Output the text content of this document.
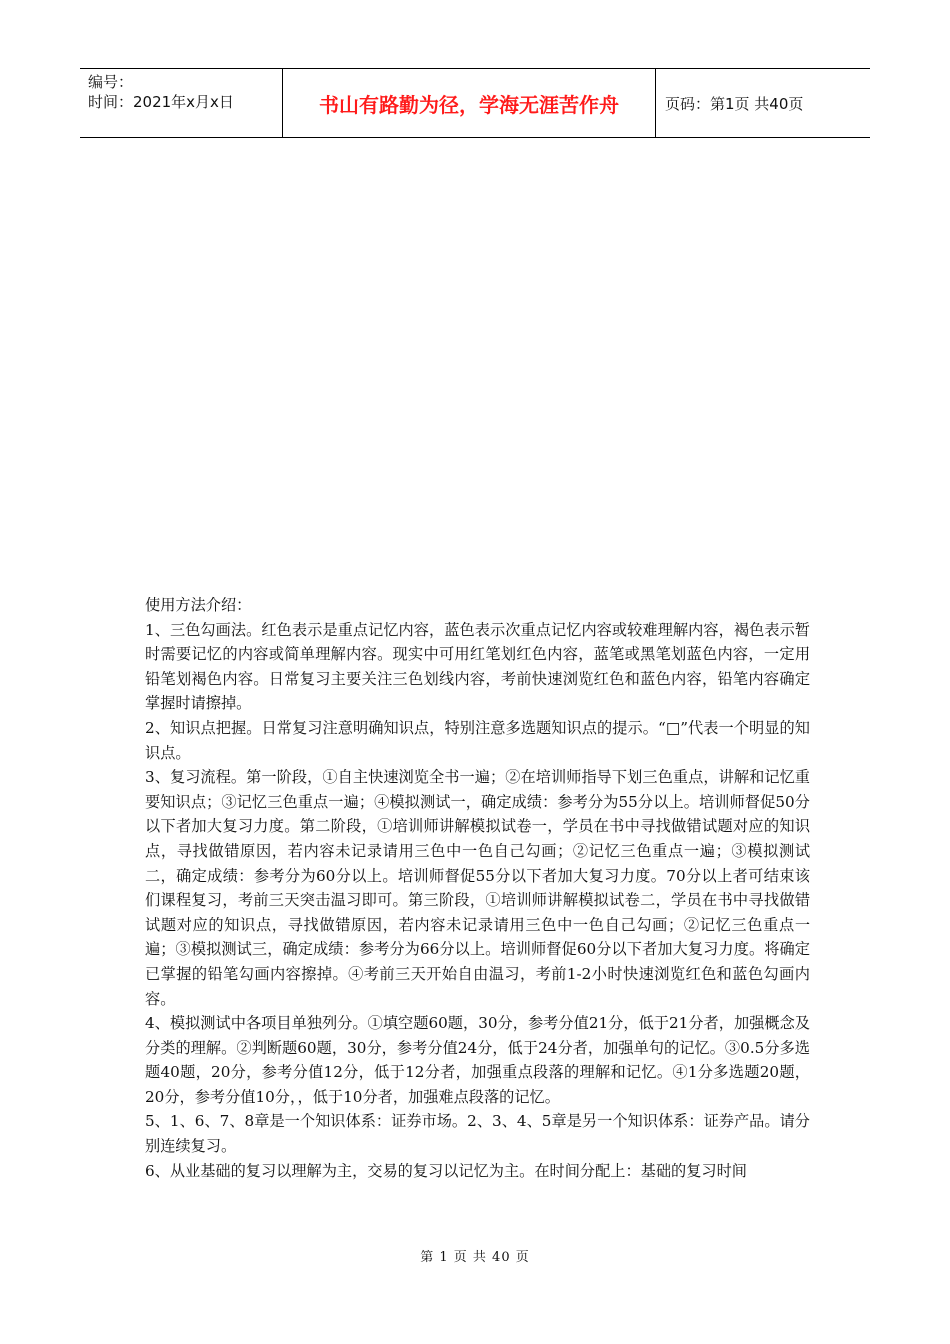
编号：
时间：2021年x月x日	书山有路勤为径，学海无涯苦作舟	页码：第1页 共40页

使用方法介绍：

1、三色勾画法。红色表示是重点记忆内容，蓝色表示次重点记忆内容或较难理解内容，褐色表示暂时需要记忆的内容或简单理解内容。现实中可用红笔划红色内容，蓝笔或黑笔划蓝色内容，一定用铅笔划褐色内容。日常复习主要关注三色划线内容，考前快速浏览红色和蓝色内容，铅笔内容确定掌握时请擦掉。

2、知识点把握。日常复习注意明确知识点，特别注意多选题知识点的提示。“□”代表一个明显的知识点。

3、复习流程。第一阶段，①自主快速浏览全书一遍；②在培训师指导下划三色重点，讲解和记忆重要知识点；③记忆三色重点一遍；④模拟测试一，确定成绩：参考分为55分以上。培训师督促50分以下者加大复习力度。第二阶段，①培训师讲解模拟试卷一，学员在书中寻找做错试题对应的知识点，寻找做错原因，若内容未记录请用三色中一色自己勾画；②记忆三色重点一遍；③模拟测试二，确定成绩：参考分为60分以上。培训师督促55分以下者加大复习力度。70分以上者可结束该们课程复习，考前三天突击温习即可。第三阶段，①培训师讲解模拟试卷二，学员在书中寻找做错试题对应的知识点，寻找做错原因，若内容未记录请用三色中一色自己勾画；②记忆三色重点一遍；③模拟测试三，确定成绩：参考分为66分以上。培训师督促60分以下者加大复习力度。将确定已掌握的铅笔勾画内容擦掉。④考前三天开始自由温习，考前1-2小时快速浏览红色和蓝色勾画内容。

4、模拟测试中各项目单独列分。①填空题60题，30分，参考分值21分，低于21分者，加强概念及分类的理解。②判断题60题，30分，参考分值24分，低于24分者，加强单句的记忆。③0.5分多选题40题，20分，参考分值12分，低于12分者，加强重点段落的理解和记忆。④1分多选题20题，20分，参考分值10分，，低于10分者，加强难点段落的记忆。

5、1、6、7、8章是一个知识体系：证券市场。2、3、4、5章是另一个知识体系：证券产品。请分别连续复习。

6、从业基础的复习以理解为主，交易的复习以记忆为主。在时间分配上：基础的复习时间

第 1 页 共 40 页
